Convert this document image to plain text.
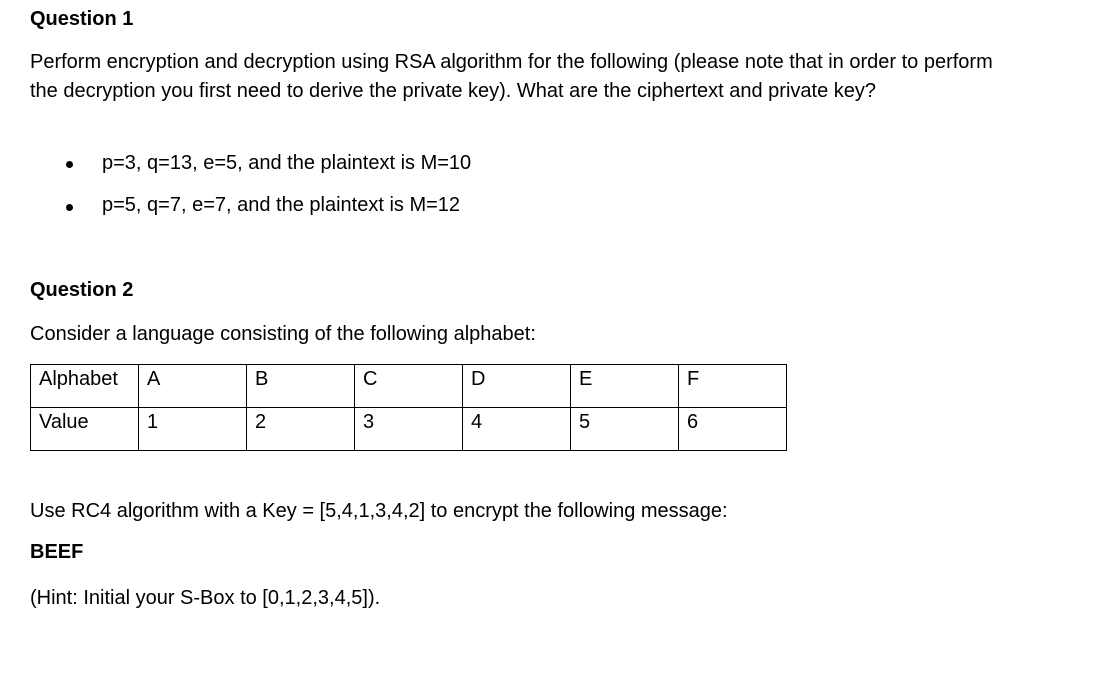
Question 1
Perform encryption and decryption using RSA algorithm for the following (please note that in order to perform the decryption you first need to derive the private key). What are the ciphertext and private key?
p=3, q=13, e=5, and the plaintext is M=10
p=5, q=7, e=7, and the plaintext is M=12
Question 2
Consider a language consisting of the following alphabet:
Alphabet	A	B	C	D	E	F
Value	1	2	3	4	5	6
Use RC4 algorithm with a Key = [5,4,1,3,4,2] to encrypt the following message:
BEEF
(Hint: Initial your S-Box to [0,1,2,3,4,5]).
